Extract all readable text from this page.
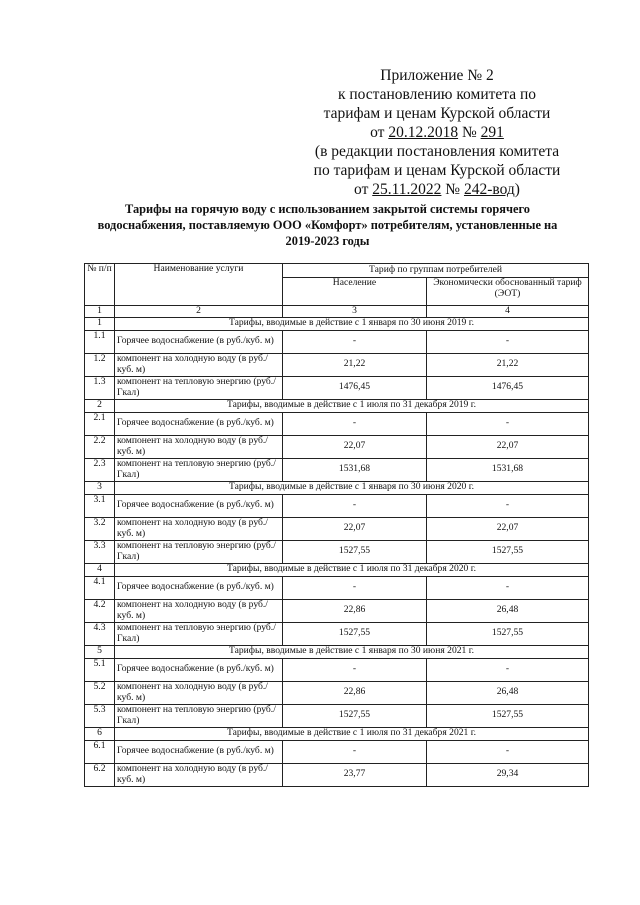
Приложение № 2
к постановлению комитета по
тарифам и ценам Курской области
от 20.12.2018 № 291
(в редакции постановления комитета
по тарифам и ценам Курской области
от 25.11.2022 № 242-вод)
Тарифы на горячую воду с использованием закрытой системы горячего
водоснабжения, поставляемую ООО «Комфорт» потребителям, установленные на
2019-2023 годы
№ п/п	Наименование услуги	Тариф по группам потребителей	
		Население	Экономически обоснованный тариф (ЭОТ)
1	2	3	4
1	Тарифы, вводимые в действие с 1 января по 30 июня 2019 г.		
1.1	Горячее водоснабжение (в руб./куб. м)	-	-
1.2	компонент на холодную воду (в руб./куб. м)	21,22	21,22
1.3	компонент на тепловую энергию (руб./Гкал)	1476,45	1476,45
2	Тарифы, вводимые в действие с 1 июля по 31 декабря 2019 г.		
2.1	Горячее водоснабжение (в руб./куб. м)	-	-
2.2	компонент на холодную воду (в руб./куб. м)	22,07	22,07
2.3	компонент на тепловую энергию (руб./Гкал)	1531,68	1531,68
3	Тарифы, вводимые в действие с 1 января по 30 июня 2020 г.		
3.1	Горячее водоснабжение (в руб./куб. м)	-	-
3.2	компонент на холодную воду (в руб./куб. м)	22,07	22,07
3.3	компонент на тепловую энергию (руб./Гкал)	1527,55	1527,55
4	Тарифы, вводимые в действие с 1 июля по 31 декабря 2020 г.		
4.1	Горячее водоснабжение (в руб./куб. м)	-	-
4.2	компонент на холодную воду (в руб./куб. м)	22,86	26,48
4.3	компонент на тепловую энергию (руб./Гкал)	1527,55	1527,55
5	Тарифы, вводимые в действие с 1 января по 30 июня 2021 г.		
5.1	Горячее водоснабжение (в руб./куб. м)	-	-
5.2	компонент на холодную воду (в руб./куб. м)	22,86	26,48
5.3	компонент на тепловую энергию (руб./Гкал)	1527,55	1527,55
6	Тарифы, вводимые в действие с 1 июля по 31 декабря 2021 г.		
6.1	Горячее водоснабжение (в руб./куб. м)	-	-
6.2	компонент на холодную воду (в руб./куб. м)	23,77	29,34
